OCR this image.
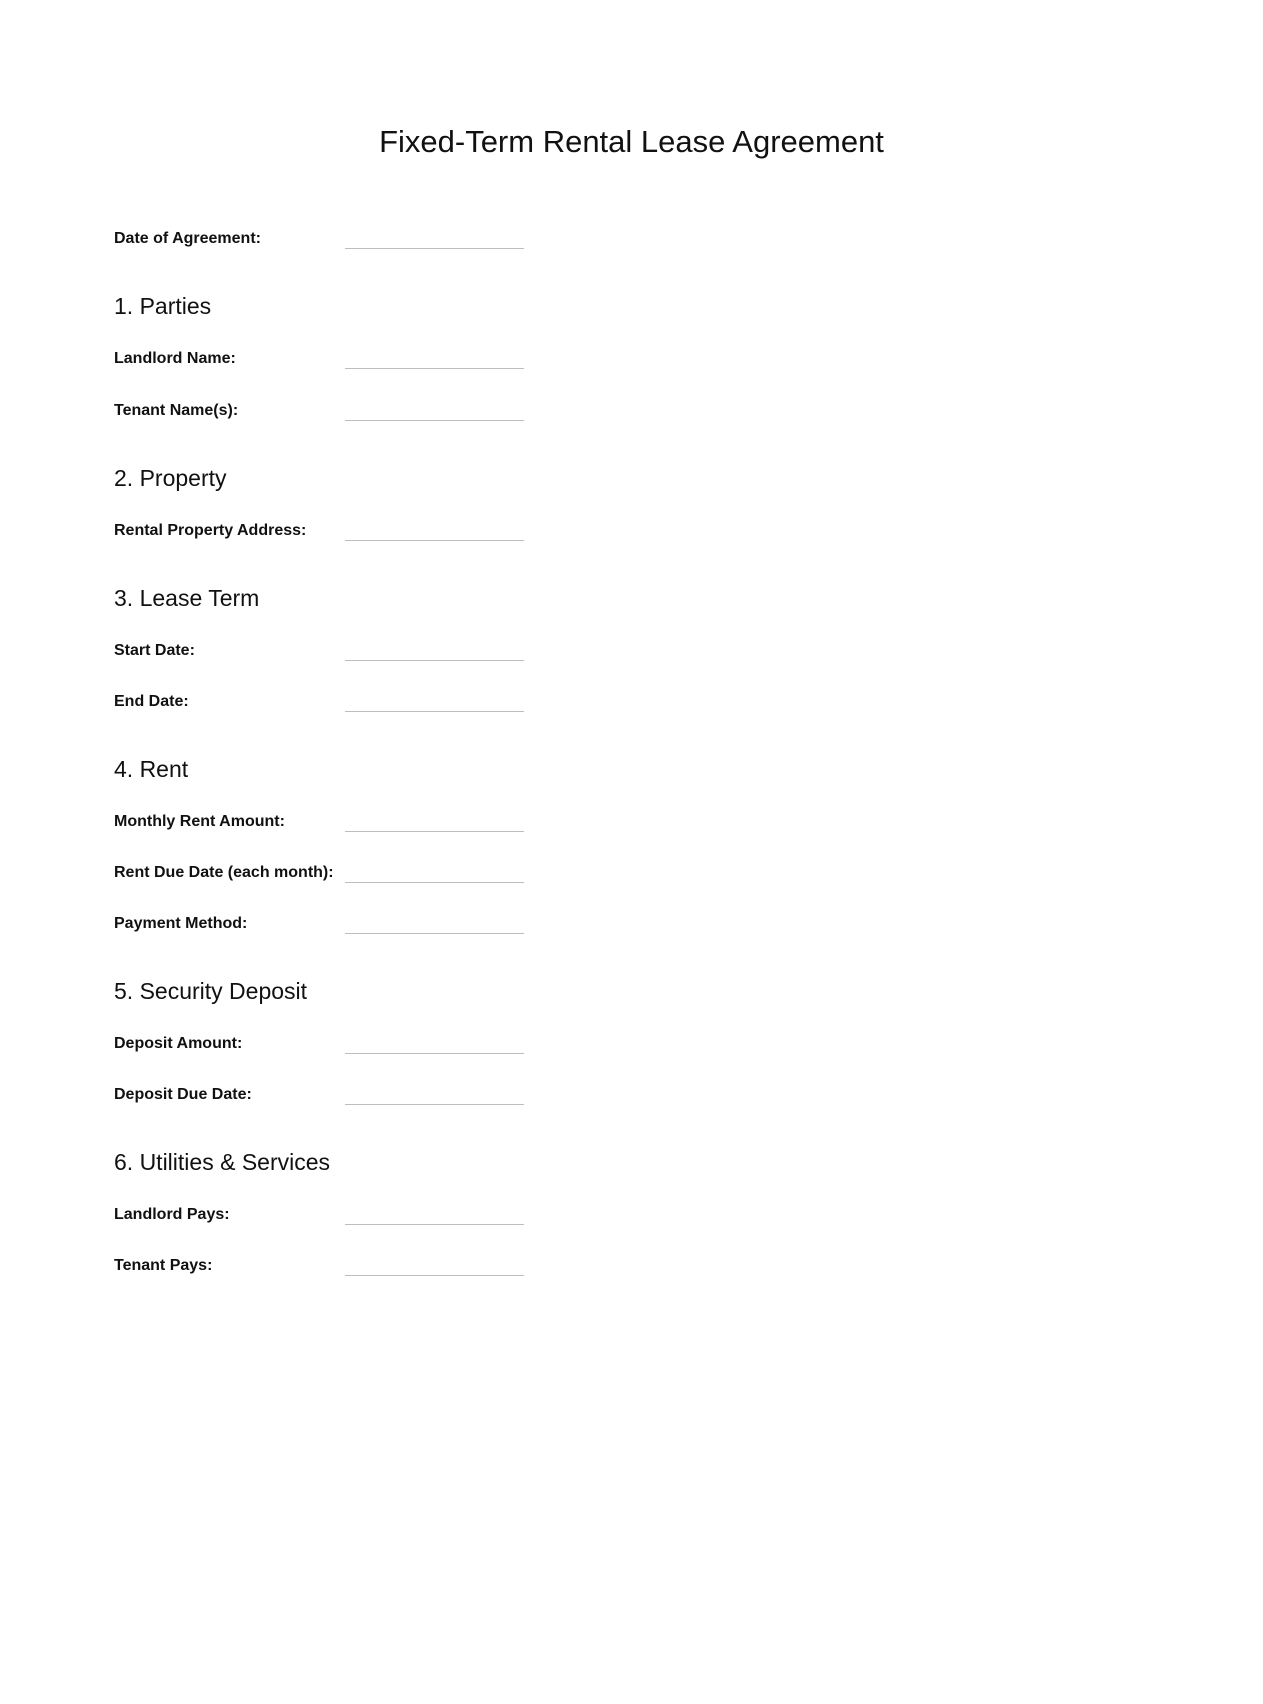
Fixed-Term Rental Lease Agreement
Date of Agreement:
1. Parties
Landlord Name:
Tenant Name(s):
2. Property
Rental Property Address:
3. Lease Term
Start Date:
End Date:
4. Rent
Monthly Rent Amount:
Rent Due Date (each month):
Payment Method:
5. Security Deposit
Deposit Amount:
Deposit Due Date:
6. Utilities & Services
Landlord Pays:
Tenant Pays:
